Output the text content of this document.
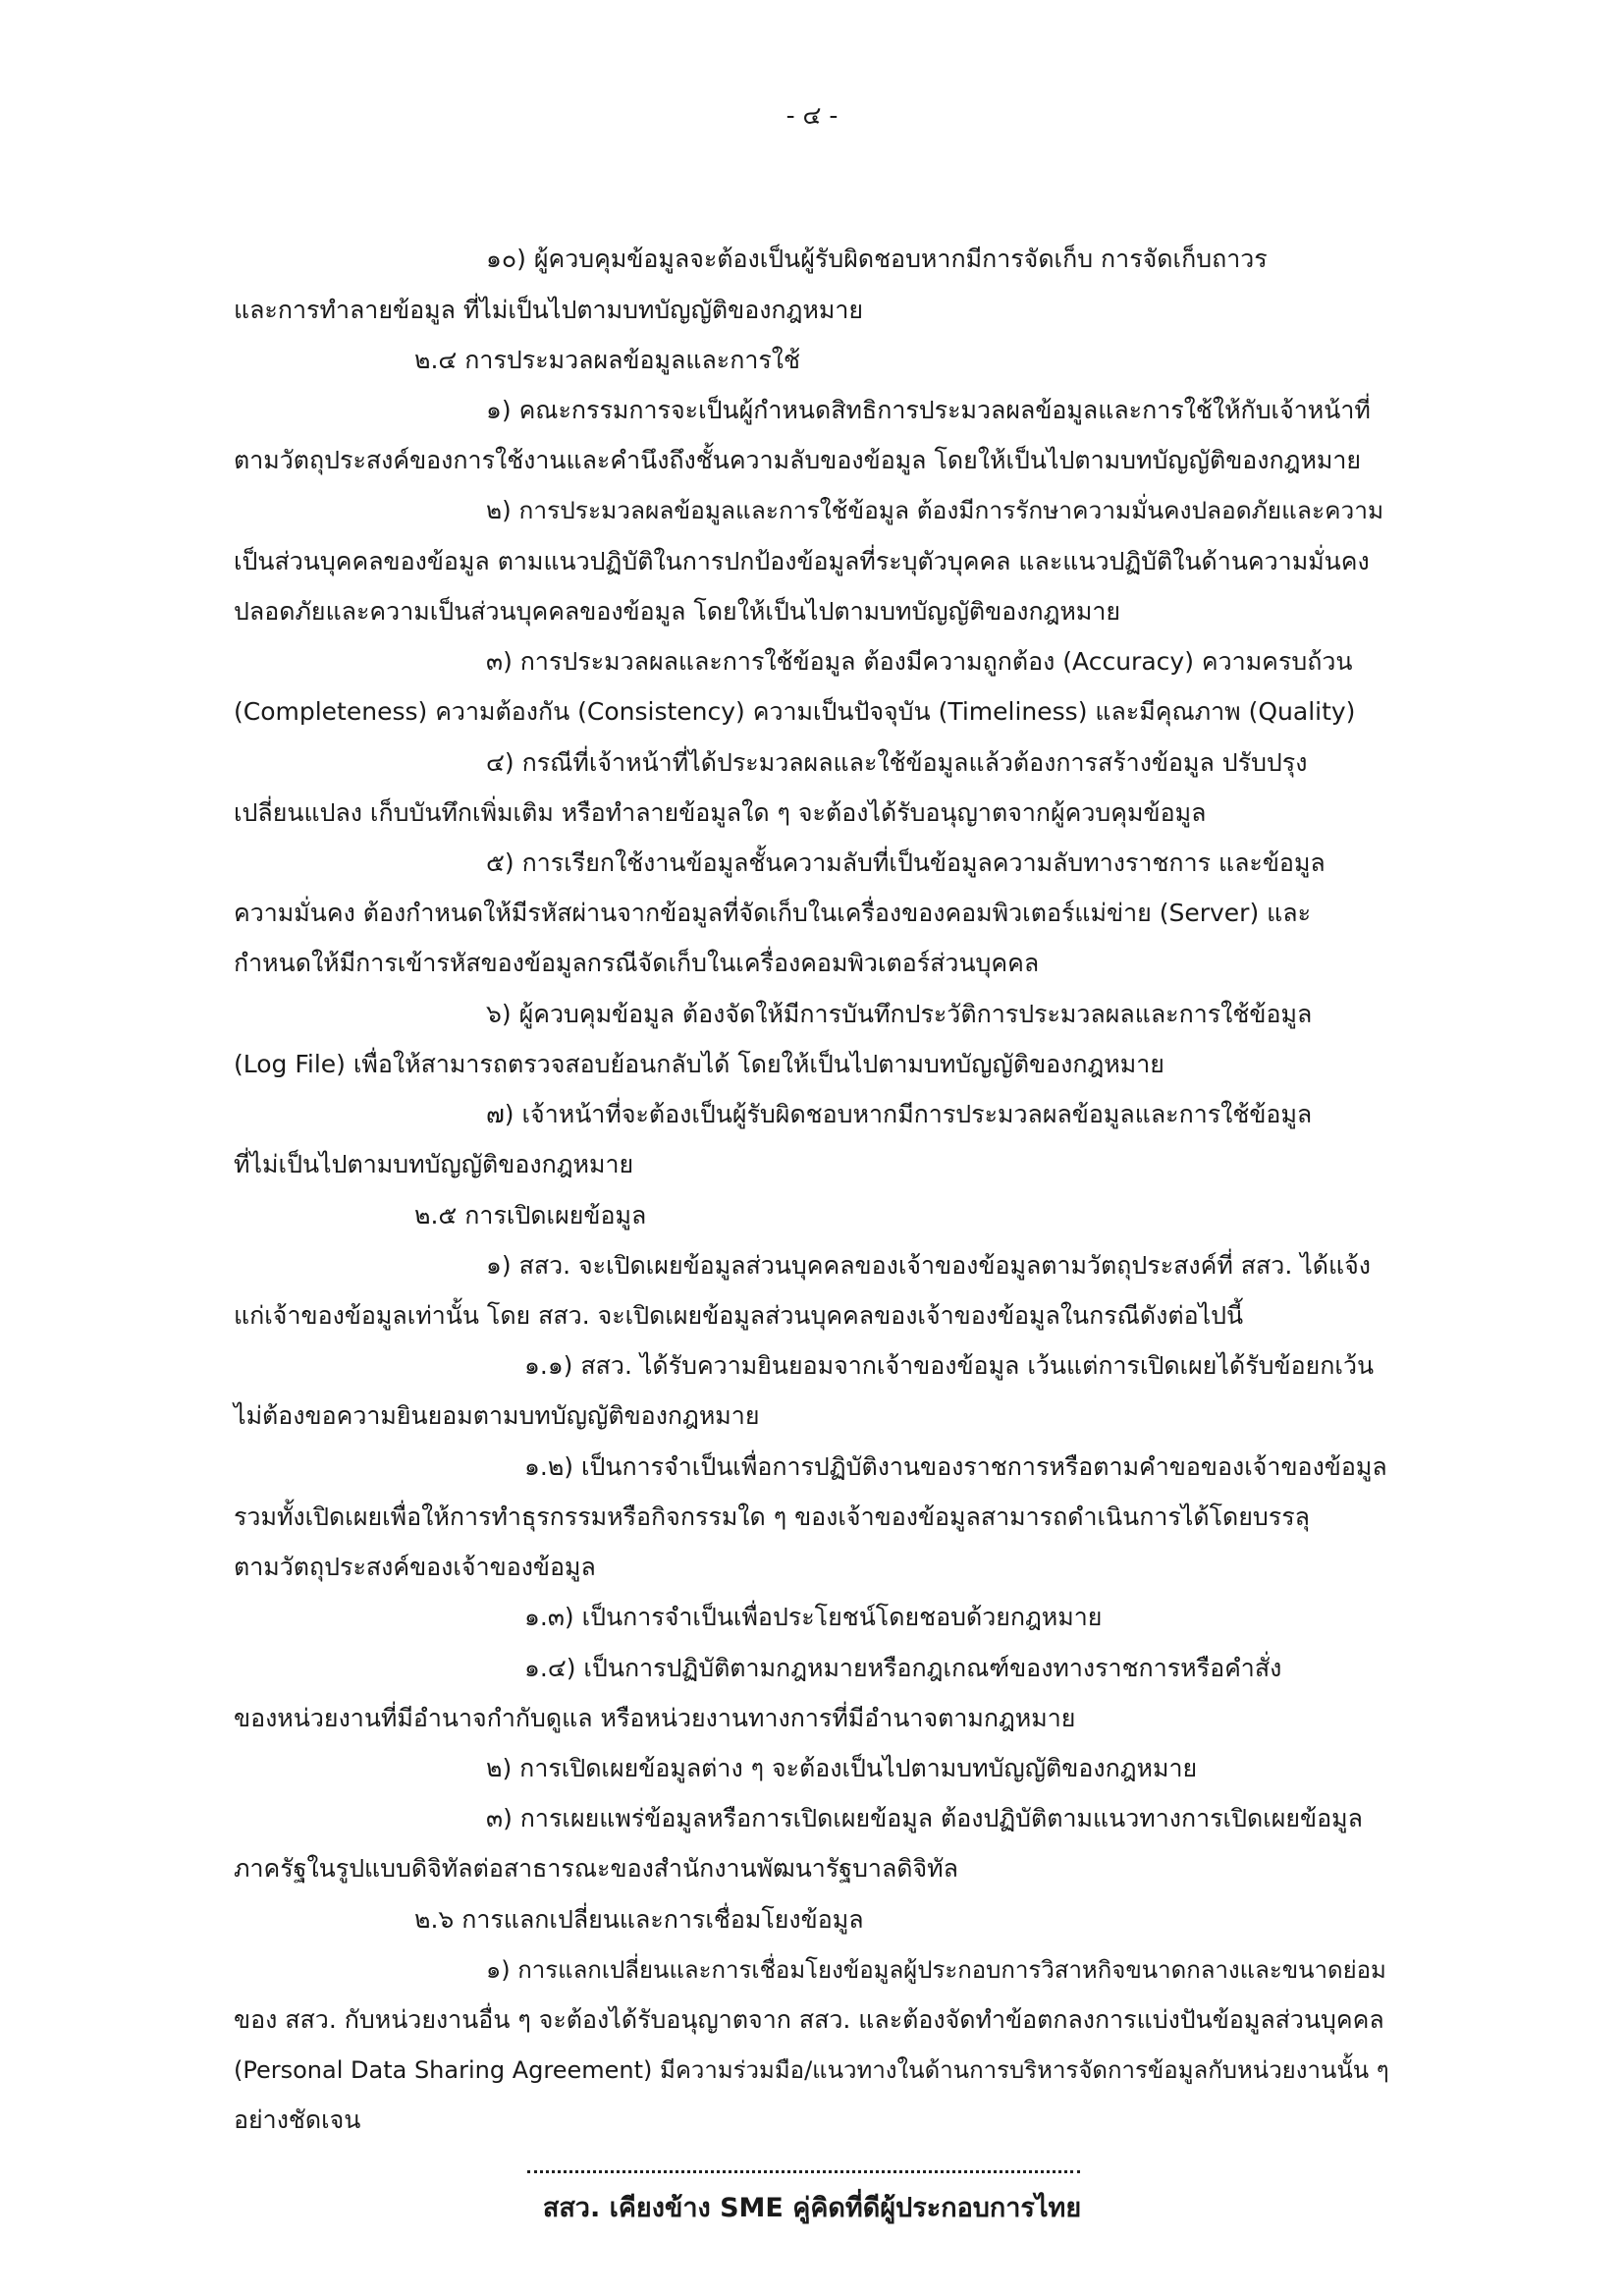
- ๔ -
๑๐) ผู้ควบคุมข้อมูลจะต้องเป็นผู้รับผิดชอบหากมีการจัดเก็บ การจัดเก็บถาวร
และการทำลายข้อมูล ที่ไม่เป็นไปตามบทบัญญัติของกฎหมาย
๒.๔ การประมวลผลข้อมูลและการใช้
๑) คณะกรรมการจะเป็นผู้กำหนดสิทธิการประมวลผลข้อมูลและการใช้ให้กับเจ้าหน้าที่
ตามวัตถุประสงค์ของการใช้งานและคำนึงถึงชั้นความลับของข้อมูล โดยให้เป็นไปตามบทบัญญัติของกฎหมาย
๒) การประมวลผลข้อมูลและการใช้ข้อมูล ต้องมีการรักษาความมั่นคงปลอดภัยและความ
เป็นส่วนบุคคลของข้อมูล ตามแนวปฏิบัติในการปกป้องข้อมูลที่ระบุตัวบุคคล และแนวปฏิบัติในด้านความมั่นคง
ปลอดภัยและความเป็นส่วนบุคคลของข้อมูล โดยให้เป็นไปตามบทบัญญัติของกฎหมาย
๓) การประมวลผลและการใช้ข้อมูล ต้องมีความถูกต้อง (Accuracy) ความครบถ้วน
(Completeness) ความต้องกัน (Consistency) ความเป็นปัจจุบัน (Timeliness) และมีคุณภาพ (Quality)
๔) กรณีที่เจ้าหน้าที่ได้ประมวลผลและใช้ข้อมูลแล้วต้องการสร้างข้อมูล ปรับปรุง
เปลี่ยนแปลง เก็บบันทึกเพิ่มเติม หรือทำลายข้อมูลใด ๆ จะต้องได้รับอนุญาตจากผู้ควบคุมข้อมูล
๕) การเรียกใช้งานข้อมูลชั้นความลับที่เป็นข้อมูลความลับทางราชการ และข้อมูล
ความมั่นคง ต้องกำหนดให้มีรหัสผ่านจากข้อมูลที่จัดเก็บในเครื่องของคอมพิวเตอร์แม่ข่าย (Server) และ
กำหนดให้มีการเข้ารหัสของข้อมูลกรณีจัดเก็บในเครื่องคอมพิวเตอร์ส่วนบุคคล
๖) ผู้ควบคุมข้อมูล ต้องจัดให้มีการบันทึกประวัติการประมวลผลและการใช้ข้อมูล
(Log File) เพื่อให้สามารถตรวจสอบย้อนกลับได้ โดยให้เป็นไปตามบทบัญญัติของกฎหมาย
๗) เจ้าหน้าที่จะต้องเป็นผู้รับผิดชอบหากมีการประมวลผลข้อมูลและการใช้ข้อมูล
ที่ไม่เป็นไปตามบทบัญญัติของกฎหมาย
๒.๕ การเปิดเผยข้อมูล
๑) สสว. จะเปิดเผยข้อมูลส่วนบุคคลของเจ้าของข้อมูลตามวัตถุประสงค์ที่ สสว. ได้แจ้ง
แก่เจ้าของข้อมูลเท่านั้น โดย สสว. จะเปิดเผยข้อมูลส่วนบุคคลของเจ้าของข้อมูลในกรณีดังต่อไปนี้
๑.๑) สสว. ได้รับความยินยอมจากเจ้าของข้อมูล เว้นแต่การเปิดเผยได้รับข้อยกเว้น
ไม่ต้องขอความยินยอมตามบทบัญญัติของกฎหมาย
๑.๒) เป็นการจำเป็นเพื่อการปฏิบัติงานของราชการหรือตามคำขอของเจ้าของข้อมูล
รวมทั้งเปิดเผยเพื่อให้การทำธุรกรรมหรือกิจกรรมใด ๆ ของเจ้าของข้อมูลสามารถดำเนินการได้โดยบรรลุ
ตามวัตถุประสงค์ของเจ้าของข้อมูล
๑.๓) เป็นการจำเป็นเพื่อประโยชน์โดยชอบด้วยกฎหมาย
๑.๔) เป็นการปฏิบัติตามกฎหมายหรือกฎเกณฑ์ของทางราชการหรือคำสั่ง
ของหน่วยงานที่มีอำนาจกำกับดูแล หรือหน่วยงานทางการที่มีอำนาจตามกฎหมาย
๒) การเปิดเผยข้อมูลต่าง ๆ จะต้องเป็นไปตามบทบัญญัติของกฎหมาย
๓) การเผยแพร่ข้อมูลหรือการเปิดเผยข้อมูล ต้องปฏิบัติตามแนวทางการเปิดเผยข้อมูล
ภาครัฐในรูปแบบดิจิทัลต่อสาธารณะของสำนักงานพัฒนารัฐบาลดิจิทัล
๒.๖ การแลกเปลี่ยนและการเชื่อมโยงข้อมูล
๑) การแลกเปลี่ยนและการเชื่อมโยงข้อมูลผู้ประกอบการวิสาหกิจขนาดกลางและขนาดย่อม
ของ สสว. กับหน่วยงานอื่น ๆ จะต้องได้รับอนุญาตจาก สสว. และต้องจัดทำข้อตกลงการแบ่งปันข้อมูลส่วนบุคคล
(Personal Data Sharing Agreement) มีความร่วมมือ/แนวทางในด้านการบริหารจัดการข้อมูลกับหน่วยงานนั้น ๆ
อย่างชัดเจน
สสว. เคียงข้าง SME คู่คิดที่ดีผู้ประกอบการไทย
